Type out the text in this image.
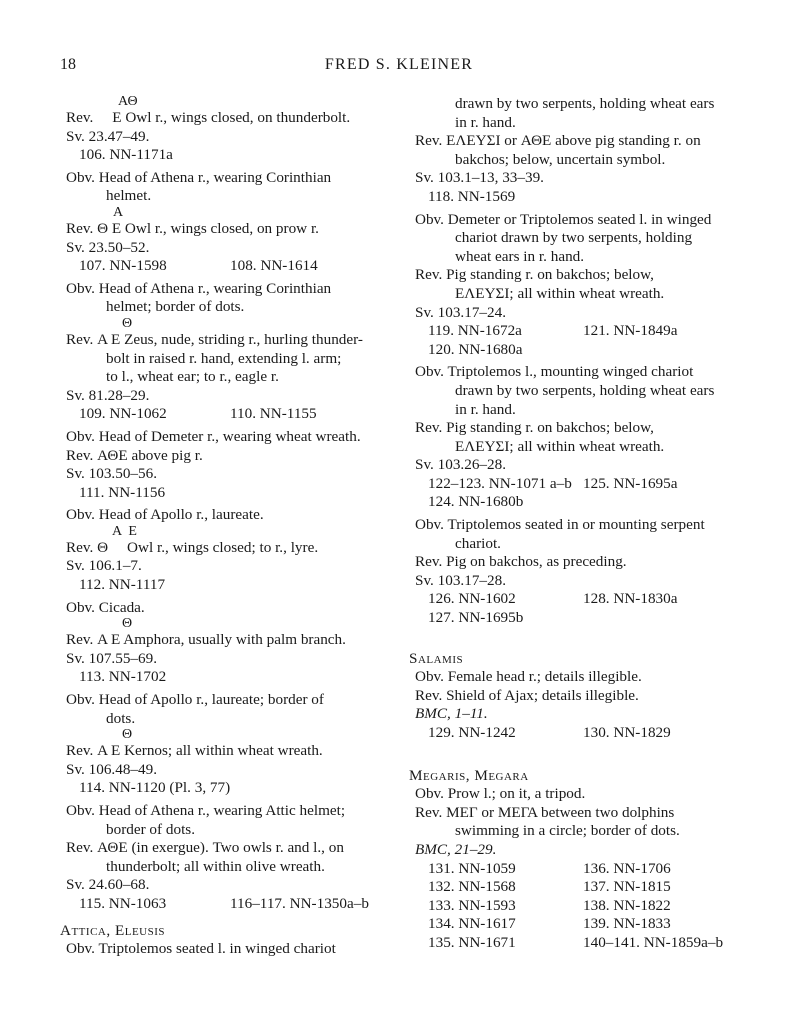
18	FRED S. KLEINER
ΑΘ
Rev.  E Owl r., wings closed, on thunderbolt.
Sv. 23.47–49.
106. NN-1171a
Obv. Head of Athena r., wearing Corinthian
helmet.
Α
Rev. Θ E Owl r., wings closed, on prow r.
Sv. 23.50–52.
107. NN-1598	108. NN-1614
Obv. Head of Athena r., wearing Corinthian
helmet; border of dots.
Θ
Rev. Α E Zeus, nude, striding r., hurling thunder-
bolt in raised r. hand, extending l. arm;
to l., wheat ear; to r., eagle r.
Sv. 81.28–29.
109. NN-1062	110. NN-1155
Obv. Head of Demeter r., wearing wheat wreath.
Rev. ΑΘΕ above pig r.
Sv. 103.50–56.
111. NN-1156
Obv. Head of Apollo r., laureate.
Α  Ε
Rev. Θ  Owl r., wings closed; to r., lyre.
Sv. 106.1–7.
112. NN-1117
Obv. Cicada.
Θ
Rev. Α E Amphora, usually with palm branch.
Sv. 107.55–69.
113. NN-1702
Obv. Head of Apollo r., laureate; border of
dots.
Θ
Rev. Α E Kernos; all within wheat wreath.
Sv. 106.48–49.
114. NN-1120 (Pl. 3, 77)
Obv. Head of Athena r., wearing Attic helmet;
border of dots.
Rev. ΑΘΕ (in exergue). Two owls r. and l., on
thunderbolt; all within olive wreath.
Sv. 24.60–68.
115. NN-1063	116–117. NN-1350a–b
Attica, Eleusis
Obv. Triptolemos seated l. in winged chariot
drawn by two serpents, holding wheat ears
in r. hand.
Rev. ΕΛΕΥΣΙ or ΑΘΕ above pig standing r. on
bakchos; below, uncertain symbol.
Sv. 103.1–13, 33–39.
118. NN-1569
Obv. Demeter or Triptolemos seated l. in winged
chariot drawn by two serpents, holding
wheat ears in r. hand.
Rev. Pig standing r. on bakchos; below,
ΕΛΕΥΣΙ; all within wheat wreath.
Sv. 103.17–24.
119. NN-1672a	121. NN-1849a
120. NN-1680a
Obv. Triptolemos l., mounting winged chariot
drawn by two serpents, holding wheat ears
in r. hand.
Rev. Pig standing r. on bakchos; below,
ΕΛΕΥΣΙ; all within wheat wreath.
Sv. 103.26–28.
122–123. NN-1071 a–b 125. NN-1695a
124. NN-1680b
Obv. Triptolemos seated in or mounting serpent
chariot.
Rev. Pig on bakchos, as preceding.
Sv. 103.17–28.
126. NN-1602	128. NN-1830a
127. NN-1695b
Salamis
Obv. Female head r.; details illegible.
Rev. Shield of Ajax; details illegible.
BMC, 1–11.
129. NN-1242	130. NN-1829
Megaris, Megara
Obv. Prow l.; on it, a tripod.
Rev. ΜΕΓ or ΜΕΓΑ between two dolphins
swimming in a circle; border of dots.
BMC, 21–29.
131. NN-1059	136. NN-1706
132. NN-1568	137. NN-1815
133. NN-1593	138. NN-1822
134. NN-1617	139. NN-1833
135. NN-1671	140–141. NN-1859a–b
